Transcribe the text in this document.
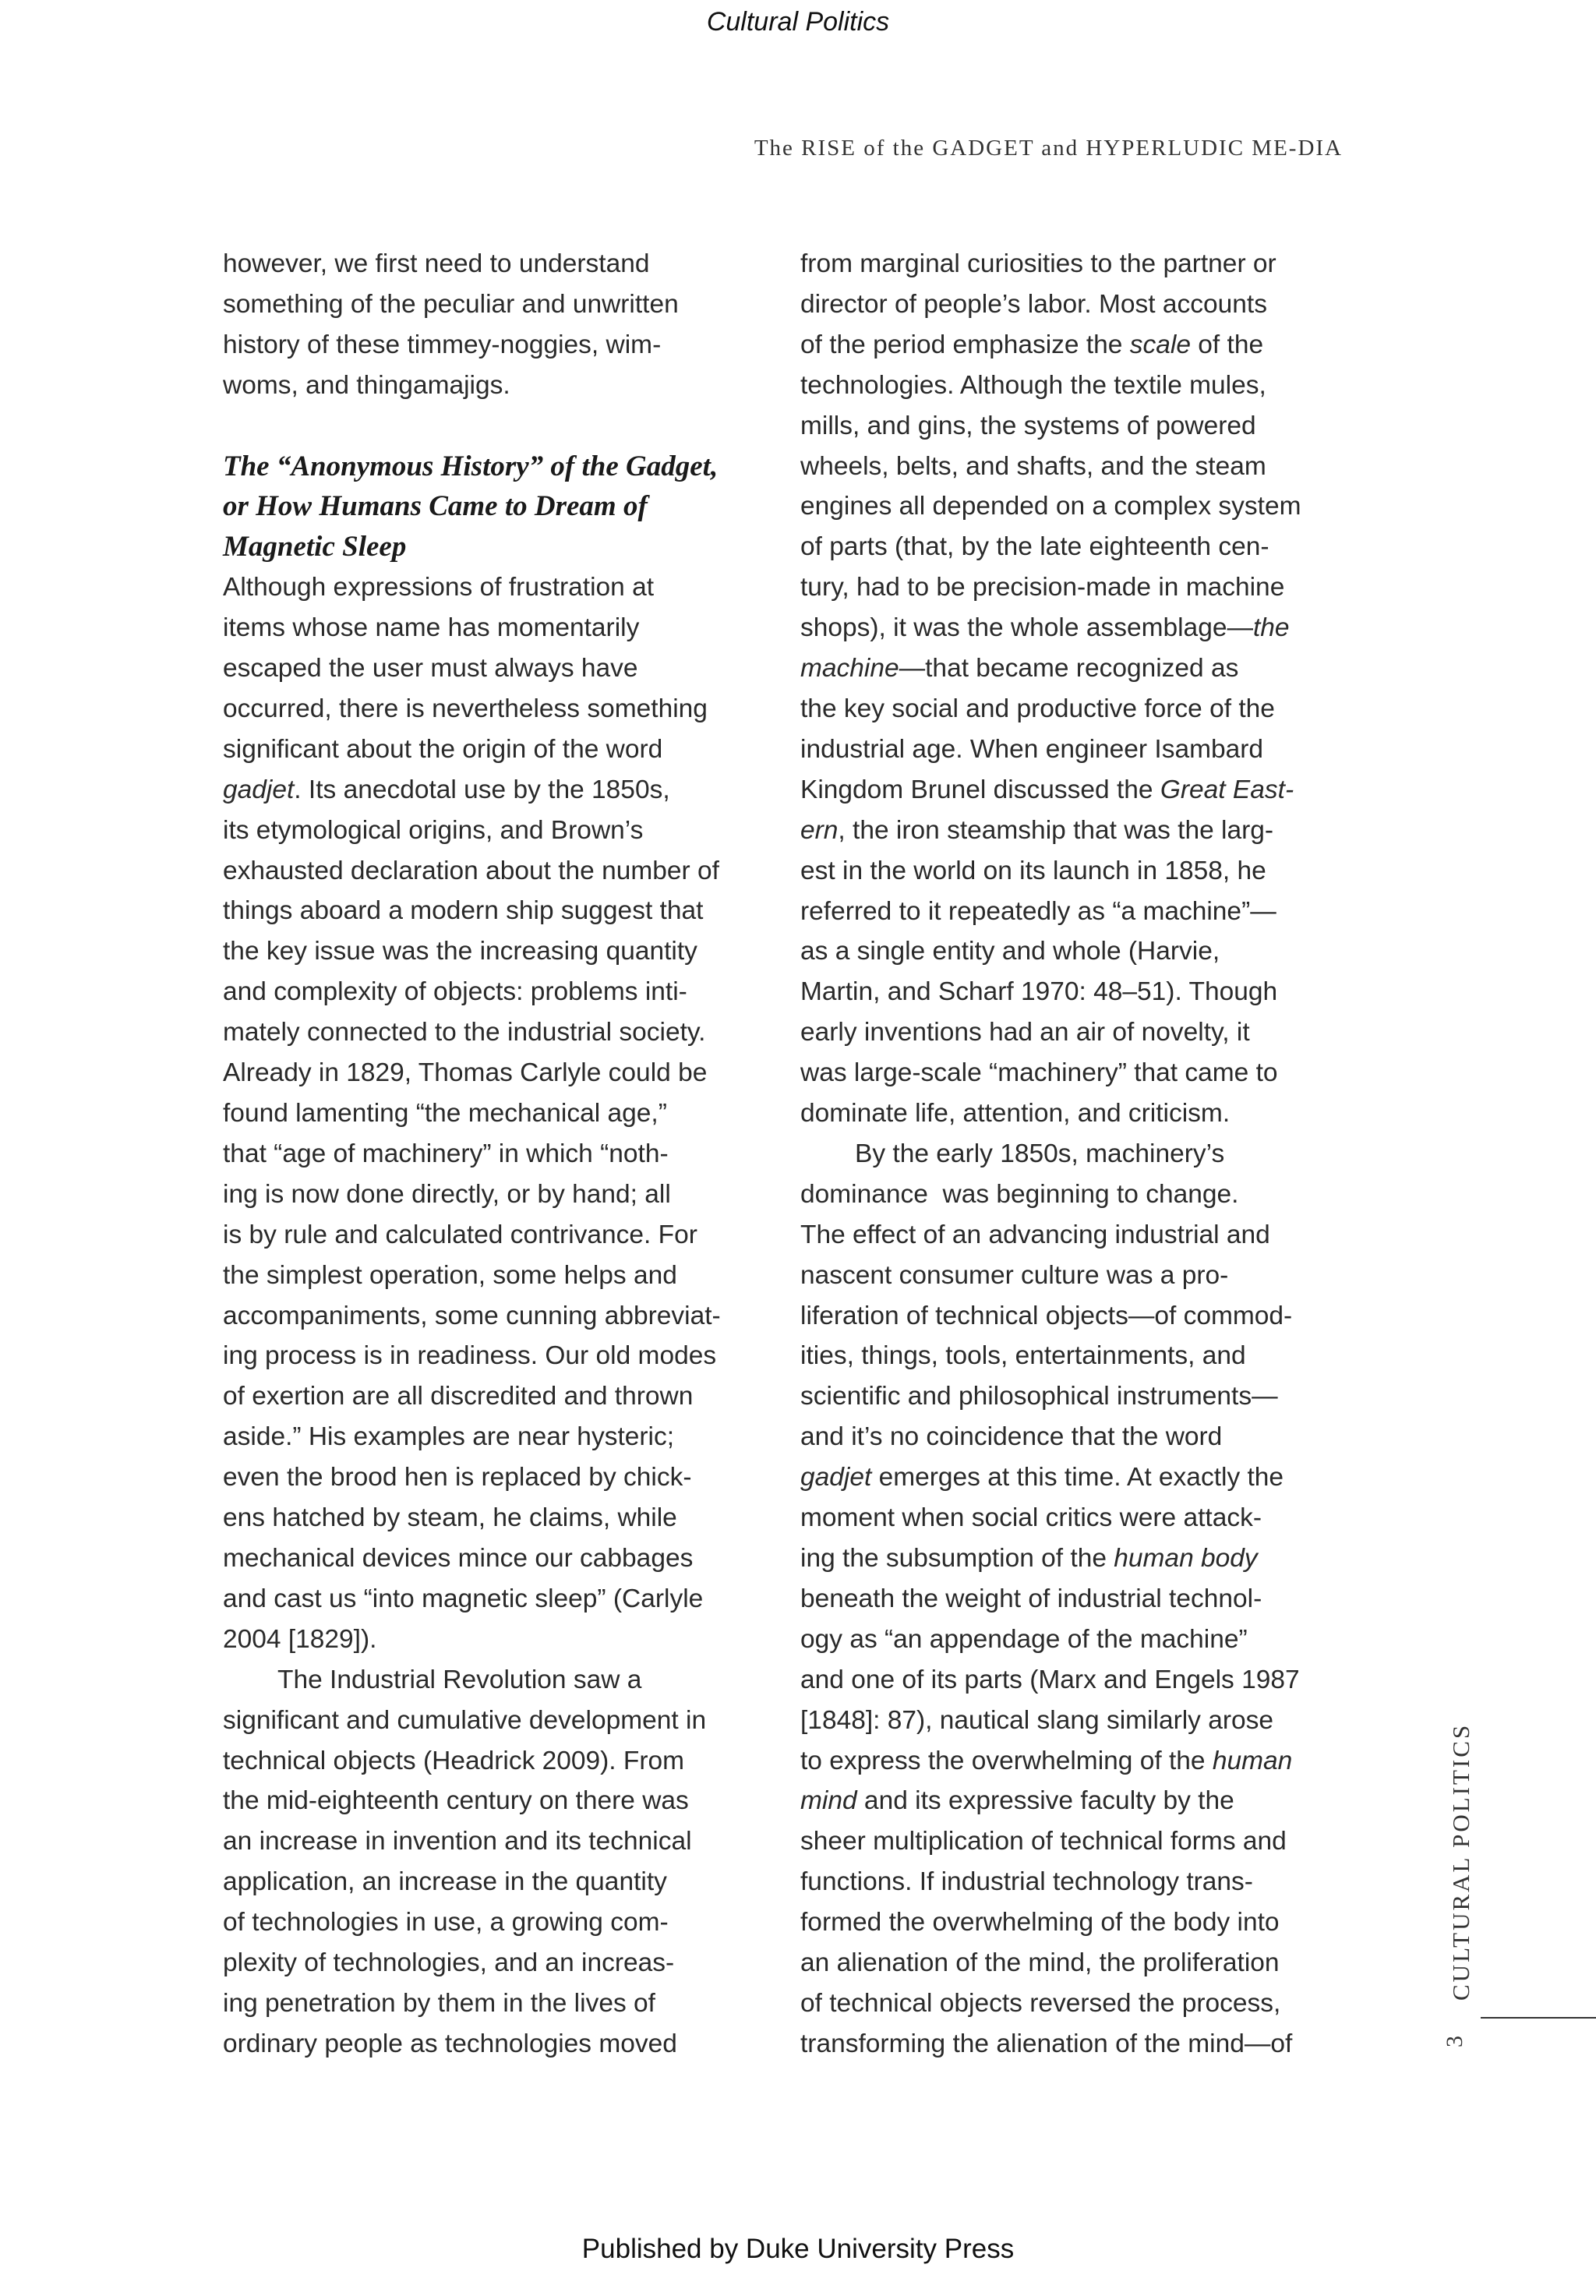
Cultural Politics
The RISE of the GADGET and HYPERLUDIC ME-DIA

however, we first need to understand
something of the peculiar and unwritten
history of these timmey-noggies, wim-
woms, and thingamajigs.

The “Anonymous History” of the Gadget,
or How Humans Came to Dream of
Magnetic Sleep

Although expressions of frustration at
items whose name has momentarily
escaped the user must always have
occurred, there is nevertheless something
significant about the origin of the word
gadjet. Its anecdotal use by the 1850s,
its etymological origins, and Brown’s
exhausted declaration about the number of
things aboard a modern ship suggest that
the key issue was the increasing quantity
and complexity of objects: problems inti-
mately connected to the industrial society.
Already in 1829, Thomas Carlyle could be
found lamenting “the mechanical age,”
that “age of machinery” in which “noth-
ing is now done directly, or by hand; all
is by rule and calculated contrivance. For
the simplest operation, some helps and
accompaniments, some cunning abbreviat-
ing process is in readiness. Our old modes
of exertion are all discredited and thrown
aside.” His examples are near hysteric;
even the brood hen is replaced by chick-
ens hatched by steam, he claims, while
mechanical devices mince our cabbages
and cast us “into magnetic sleep” (Carlyle
2004 [1829]).

The Industrial Revolution saw a
significant and cumulative development in
technical objects (Headrick 2009). From
the mid-eighteenth century on there was
an increase in invention and its technical
application, an increase in the quantity
of technologies in use, a growing com-
plexity of technologies, and an increas-
ing penetration by them in the lives of
ordinary people as technologies moved

from marginal curiosities to the partner or
director of people’s labor. Most accounts
of the period emphasize the scale of the
technologies. Although the textile mules,
mills, and gins, the systems of powered
wheels, belts, and shafts, and the steam
engines all depended on a complex system
of parts (that, by the late eighteenth cen-
tury, had to be precision-made in machine
shops), it was the whole assemblage—the
machine—that became recognized as
the key social and productive force of the
industrial age. When engineer Isambard
Kingdom Brunel discussed the Great East-
ern, the iron steamship that was the larg-
est in the world on its launch in 1858, he
referred to it repeatedly as “a machine”—
as a single entity and whole (Harvie,
Martin, and Scharf 1970: 48–51). Though
early inventions had an air of novelty, it
was large-scale “machinery” that came to
dominate life, attention, and criticism.

By the early 1850s, machinery’s
dominance  was beginning to change.
The effect of an advancing industrial and
nascent consumer culture was a pro-
liferation of technical objects—of commod-
ities, things, tools, entertainments, and
scientific and philosophical instruments—
and it’s no coincidence that the word
gadjet emerges at this time. At exactly the
moment when social critics were attack-
ing the subsumption of the human body
beneath the weight of industrial technol-
ogy as “an appendage of the machine”
and one of its parts (Marx and Engels 1987
[1848]: 87), nautical slang similarly arose
to express the overwhelming of the human
mind and its expressive faculty by the
sheer multiplication of technical forms and
functions. If industrial technology trans-
formed the overwhelming of the body into
an alienation of the mind, the proliferation
of technical objects reversed the process,
transforming the alienation of the mind—of

CULTURAL POLITICS
3
Published by Duke University Press
